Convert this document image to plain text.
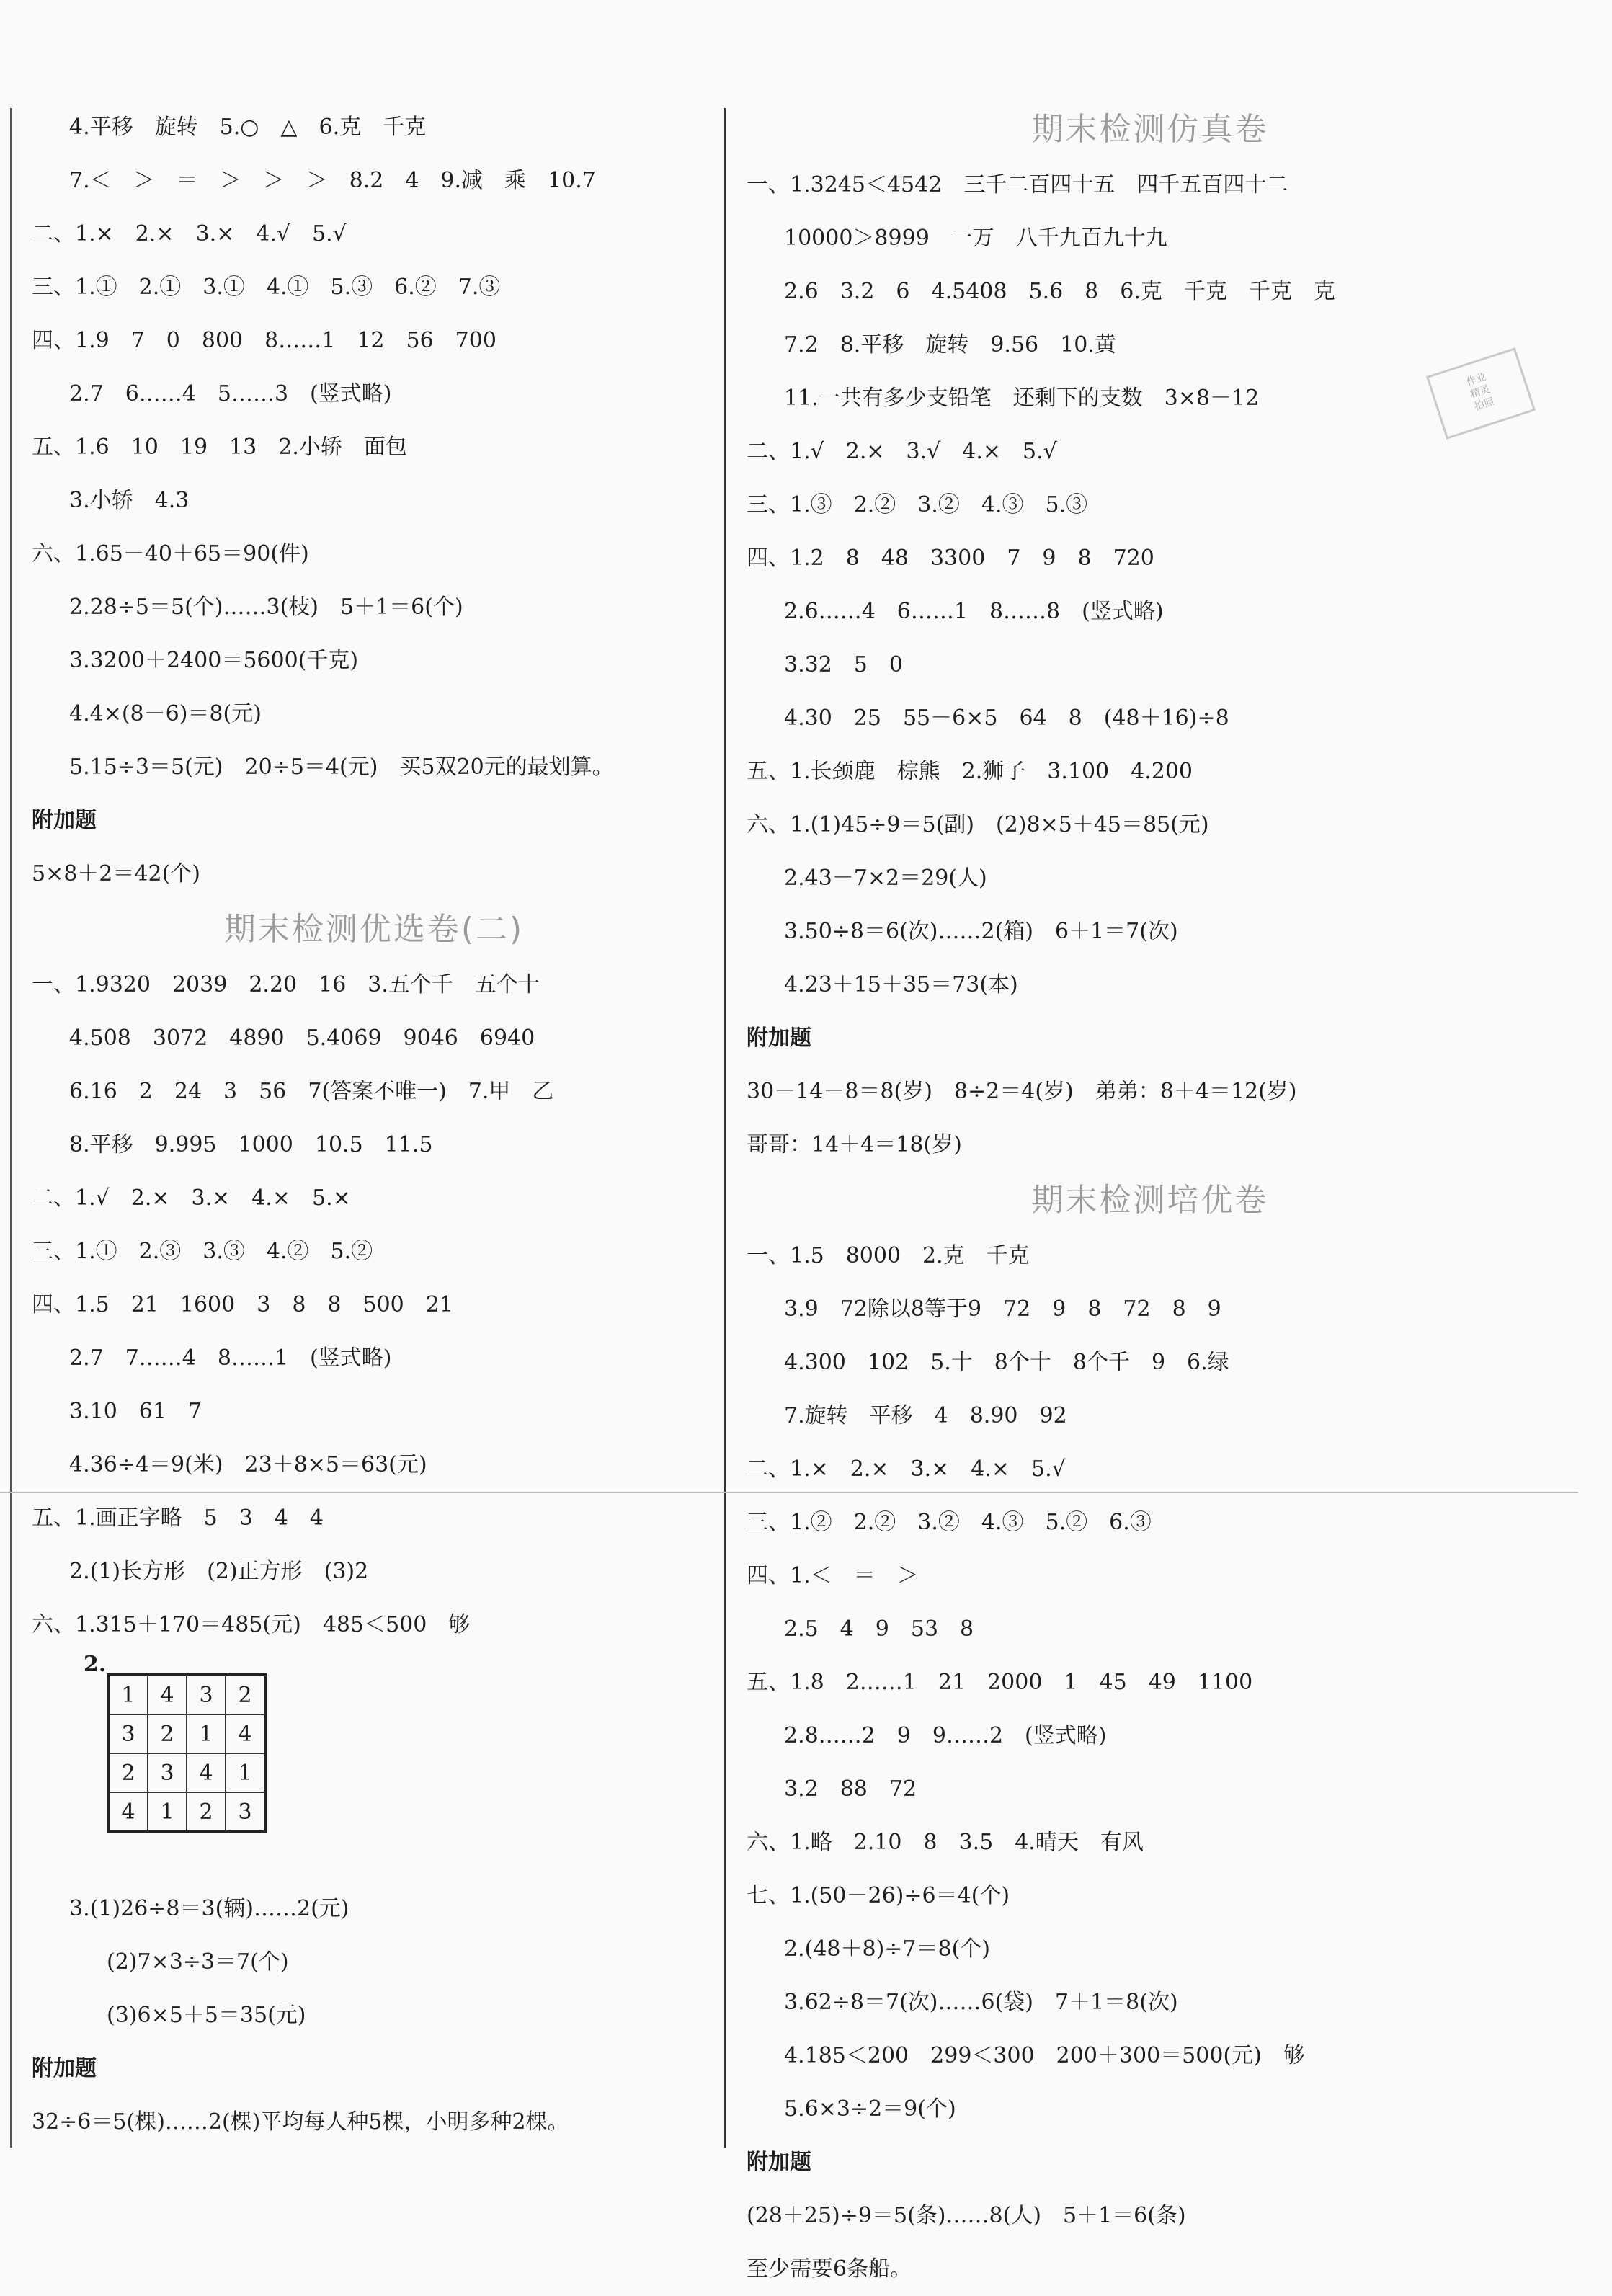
作业
精灵
拍照
4.平移　旋转　5.○　△　6.克　千克
7.＜　＞　＝　＞　＞　＞　8.2　4　9.减　乘　10.7
二、1.×　2.×　3.×　4.√　5.√
三、1.①　2.①　3.①　4.①　5.③　6.②　7.③
四、1.9　7　0　800　8……1　12　56　700
2.7　6……4　5……3　(竖式略)
五、1.6　10　19　13　2.小轿　面包
3.小轿　4.3
六、1.65－40＋65＝90(件)
2.28÷5＝5(个)……3(枝)　5＋1＝6(个)
3.3200＋2400＝5600(千克)
4.4×(8－6)＝8(元)
5.15÷3＝5(元)　20÷5＝4(元)　买5双20元的最划算。
附加题
5×8＋2＝42(个)
期末检测优选卷(二)
一、1.9320　2039　2.20　16　3.五个千　五个十
4.508　3072　4890　5.4069　9046　6940
6.16　2　24　3　56　7(答案不唯一)　7.甲　乙
8.平移　9.995　1000　10.5　11.5
二、1.√　2.×　3.×　4.×　5.×
三、1.①　2.③　3.③　4.②　5.②
四、1.5　21　1600　3　8　8　500　21
2.7　7……4　8……1　(竖式略)
3.10　61　7
4.36÷4＝9(米)　23＋8×5＝63(元)
五、1.画正字略　5　3　4　4
2.(1)长方形　(2)正方形　(3)2
六、1.315＋170＝485(元)　485＜500　够
2.
1	4	3	2
3	2	1	4
2	3	4	1
4	1	2	3
3.(1)26÷8＝3(辆)……2(元)
(2)7×3÷3＝7(个)
(3)6×5＋5＝35(元)
附加题
32÷6＝5(棵)……2(棵)平均每人种5棵，小明多种2棵。
期末检测仿真卷
一、1.3245＜4542　三千二百四十五　四千五百四十二
10000＞8999　一万　八千九百九十九
2.6　3.2　6　4.5408　5.6　8　6.克　千克　千克　克
7.2　8.平移　旋转　9.56　10.黄
11.一共有多少支铅笔　还剩下的支数　3×8－12
二、1.√　2.×　3.√　4.×　5.√
三、1.③　2.②　3.②　4.③　5.③
四、1.2　8　48　3300　7　9　8　720
2.6……4　6……1　8……8　(竖式略)
3.32　5　0
4.30　25　55－6×5　64　8　(48＋16)÷8
五、1.长颈鹿　棕熊　2.狮子　3.100　4.200
六、1.(1)45÷9＝5(副)　(2)8×5＋45＝85(元)
2.43－7×2＝29(人)
3.50÷8＝6(次)……2(箱)　6＋1＝7(次)
4.23＋15＋35＝73(本)
附加题
30－14－8＝8(岁)　8÷2＝4(岁)　弟弟：8＋4＝12(岁)
哥哥：14＋4＝18(岁)
期末检测培优卷
一、1.5　8000　2.克　千克
3.9　72除以8等于9　72　9　8　72　8　9
4.300　102　5.十　8个十　8个千　9　6.绿
7.旋转　平移　4　8.90　92
二、1.×　2.×　3.×　4.×　5.√
三、1.②　2.②　3.②　4.③　5.②　6.③
四、1.＜　＝　＞
2.5　4　9　53　8
五、1.8　2……1　21　2000　1　45　49　1100
2.8……2　9　9……2　(竖式略)
3.2　88　72
六、1.略　2.10　8　3.5　4.晴天　有风
七、1.(50－26)÷6＝4(个)
2.(48＋8)÷7＝8(个)
3.62÷8＝7(次)……6(袋)　7＋1＝8(次)
4.185＜200　299＜300　200＋300＝500(元)　够
5.6×3÷2＝9(个)
附加题
(28＋25)÷9＝5(条)……8(人)　5＋1＝6(条)
至少需要6条船。
